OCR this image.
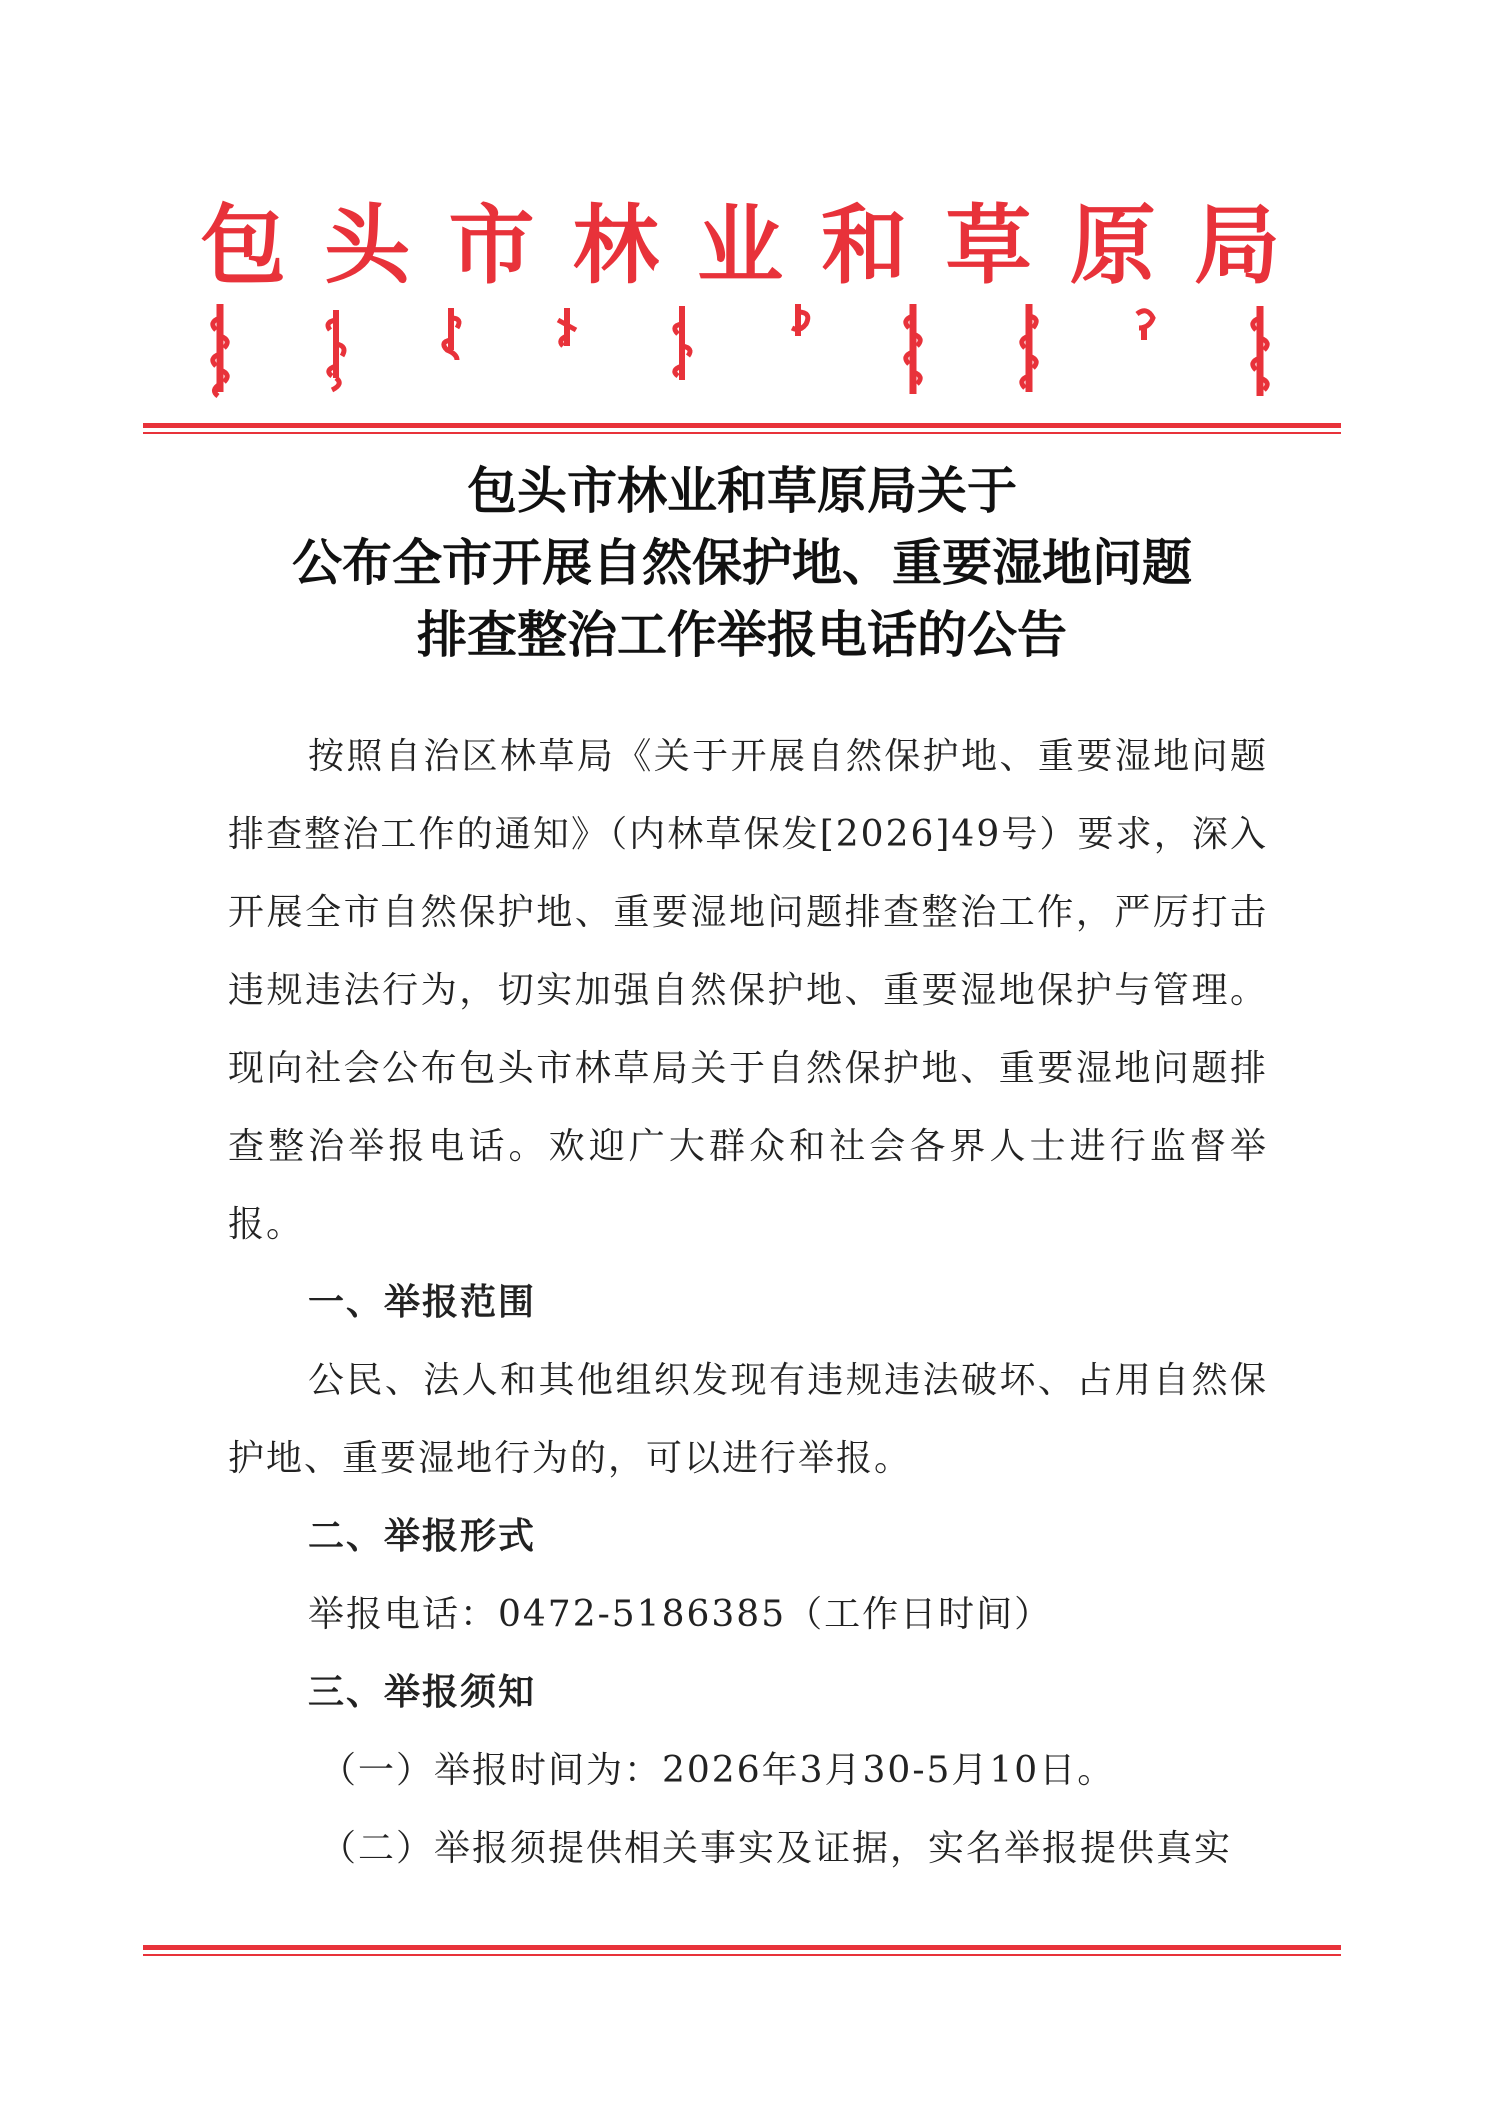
包 头 市 林 业 和 草 原 局
包头市林业和草原局关于
公布全市开展自然保护地、重要湿地问题
排查整治工作举报电话的公告

按照自治区林草局《关于开展自然保护地、重要湿地问题排查整治工作的通知》（内林草保发[2026]49号）要求，深入开展全市自然保护地、重要湿地问题排查整治工作，严厉打击违规违法行为，切实加强自然保护地、重要湿地保护与管理。现向社会公布包头市林草局关于自然保护地、重要湿地问题排查整治举报电话。欢迎广大群众和社会各界人士进行监督举报。

一、举报范围

公民、法人和其他组织发现有违规违法破坏、占用自然保护地、重要湿地行为的，可以进行举报。

二、举报形式

举报电话：0472-5186385（工作日时间）

三、举报须知

（一）举报时间为：2026年3月30-5月10日。

（二）举报须提供相关事实及证据，实名举报提供真实
